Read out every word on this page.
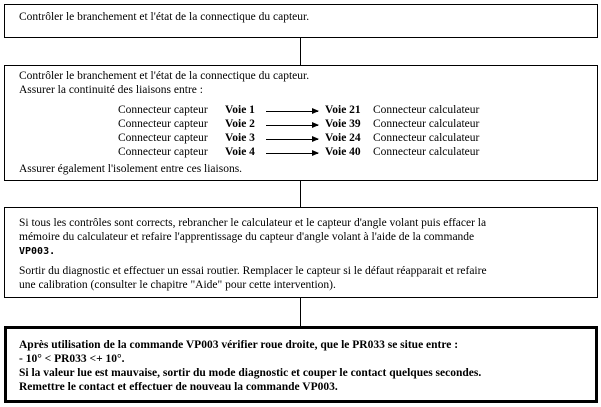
Contrôler le branchement et l'état de la connectique du capteur.
Contrôler le branchement et l'état de la connectique du capteur.
Assurer la continuité des liaisons entre :
Connecteur capteur Voie 1	Voie 21 Connecteur calculateur
Connecteur capteur Voie 2	Voie 39 Connecteur calculateur
Connecteur capteur Voie 3	Voie 24 Connecteur calculateur
Connecteur capteur Voie 4	Voie 40 Connecteur calculateur
Assurer également l'isolement entre ces liaisons.
Si tous les contrôles sont corrects, rebrancher le calculateur et le capteur d'angle volant puis effacer la
mémoire du calculateur et refaire l'apprentissage du capteur d'angle volant à l'aide de la commande
VP003.
Sortir du diagnostic et effectuer un essai routier. Remplacer le capteur si le défaut réapparait et refaire
une calibration (consulter le chapitre "Aide" pour cette intervention).
Après utilisation de la commande VP003 vérifier roue droite, que le PR033 se situe entre :
- 10° < PR033 <+ 10°.
Si la valeur lue est mauvaise, sortir du mode diagnostic et couper le contact quelques secondes.
Remettre le contact et effectuer de nouveau la commande VP003.
